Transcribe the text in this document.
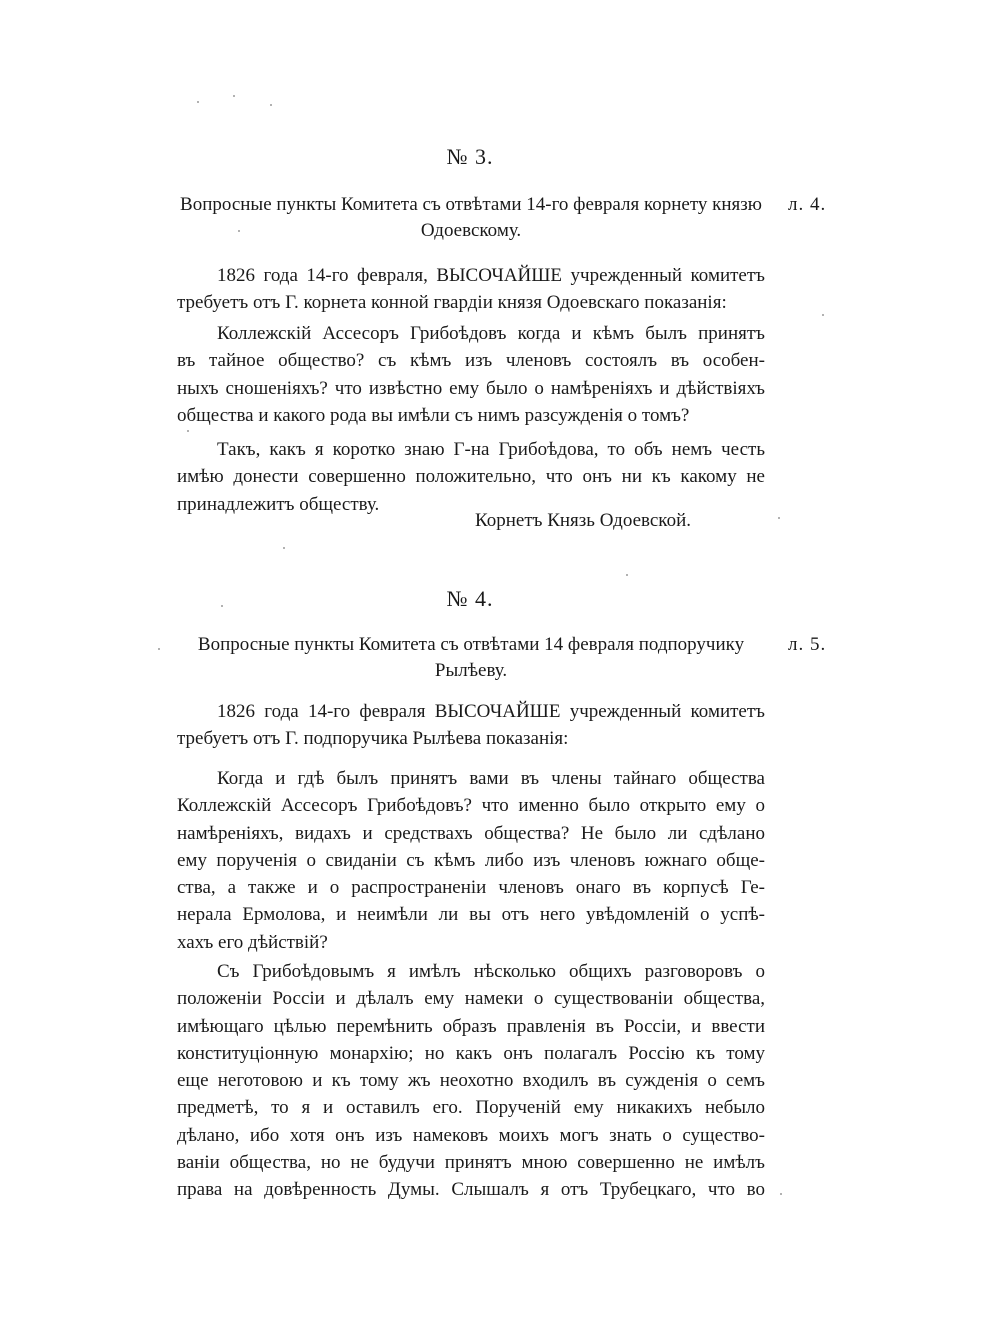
№ 3.
Вопросные пункты Комитета съ отвѣтами 14-го февраля корнету князю
Одоевскому.
л. 4.
1826 года 14-го февраля, ВЫСОЧАЙШЕ учрежденный комитетъ
требуетъ отъ Г. корнета конной гвардіи князя Одоевскаго показанія:
Коллежскій Ассесоръ Грибоѣдовъ когда и кѣмъ былъ принятъ
въ тайное общество? съ кѣмъ изъ членовъ состоялъ въ особен-
ныхъ сношеніяхъ? что извѣстно ему было о намѣреніяхъ и дѣйствіяхъ
общества и какого рода вы имѣли съ нимъ разсужденія о томъ?
Такъ, какъ я коротко знаю Г-на Грибоѣдова, то объ немъ честь
имѣю донести совершенно положительно, что онъ ни къ какому не
принадлежитъ обществу.
Корнетъ Князь Одоевской.
№ 4.
Вопросные пункты Комитета съ отвѣтами 14 февраля подпоручику
Рылѣеву.
л. 5.
1826 года 14-го февраля ВЫСОЧАЙШЕ учрежденный комитетъ
требуетъ отъ Г. подпоручика Рылѣева показанія:
Когда и гдѣ былъ принятъ вами въ члены тайнаго общества
Коллежскій Ассесоръ Грибоѣдовъ? что именно было открыто ему о
намѣреніяхъ, видахъ и средствахъ общества? Не было ли сдѣлано
ему порученія о свиданіи съ кѣмъ либо изъ членовъ южнаго обще-
ства, а также и о распространеніи членовъ онаго въ корпусѣ Ге-
нерала Ермолова, и неимѣли ли вы отъ него увѣдомленій о успѣ-
хахъ его дѣйствій?
Съ Грибоѣдовымъ я имѣлъ нѣсколько общихъ разговоровъ о
положеніи Россіи и дѣлалъ ему намеки о существованіи общества,
имѣющаго цѣлью перемѣнить образъ правленія въ Россіи, и ввести
конституціонную монархію; но какъ онъ полагалъ Россію къ тому
еще неготовою и къ тому жъ неохотно входилъ въ сужденія о семъ
предметѣ, то я и оставилъ его. Порученій ему никакихъ небыло
дѣлано, ибо хотя онъ изъ намековъ моихъ могъ знать о существо-
ваніи общества, но не будучи принятъ мною совершенно не имѣлъ
права на довѣренность Думы. Слышалъ я отъ Трубецкаго, что во
